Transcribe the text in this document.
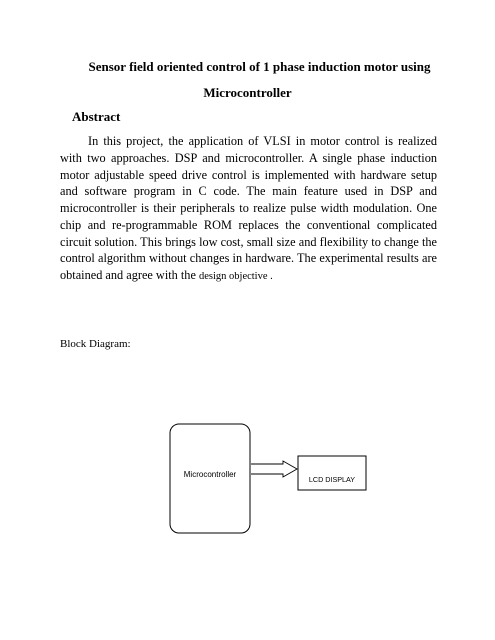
Sensor field oriented control of 1 phase induction motor using
Microcontroller
Abstract

In this project, the application of VLSI in motor control is realized with two approaches. DSP and microcontroller. A single phase induction motor adjustable speed drive control is implemented with hardware setup and software program in C code. The main feature used in DSP and microcontroller is their peripherals to realize pulse width modulation. One chip and re-programmable ROM replaces the conventional complicated circuit solution. This brings low cost, small size and flexibility to change the control algorithm without changes in hardware. The experimental results are obtained and agree with the design objective .

Block Diagram:
Microcontroller
LCD DISPLAY
